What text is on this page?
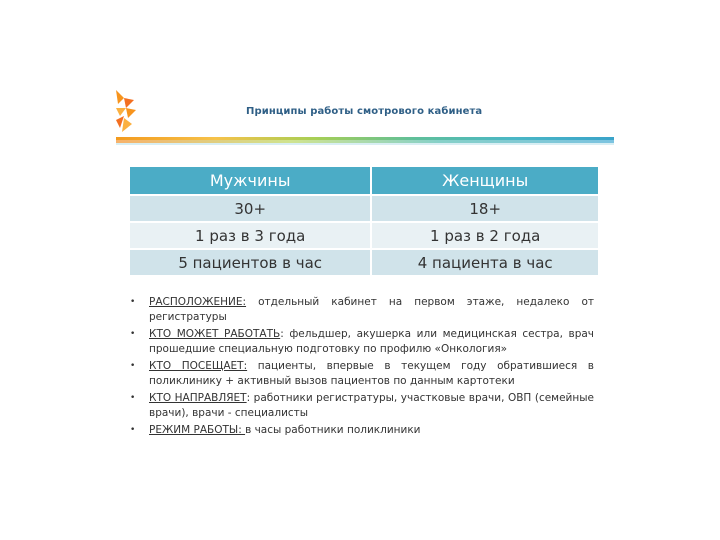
Принципы работы смотрового кабинета
Мужчины	Женщины
30+	18+
1 раз в 3 года	1 раз в 2 года
5 пациентов в час	4 пациента в час
• РАСПОЛОЖЕНИЕ: отдельный кабинет на первом этаже, недалеко от регистратуры
• КТО МОЖЕТ РАБОТАТЬ: фельдшер, акушерка или медицинская сестра, врач прошедшие специальную подготовку по профилю «Онкология»
• КТО ПОСЕЩАЕТ: пациенты, впервые в текущем году обратившиеся в поликлинику + активный вызов пациентов по данным картотеки
• КТО НАПРАВЛЯЕТ: работники регистратуры, участковые врачи, ОВП (семейные врачи), врачи - специалисты
• РЕЖИМ РАБОТЫ: в часы работники поликлиники
